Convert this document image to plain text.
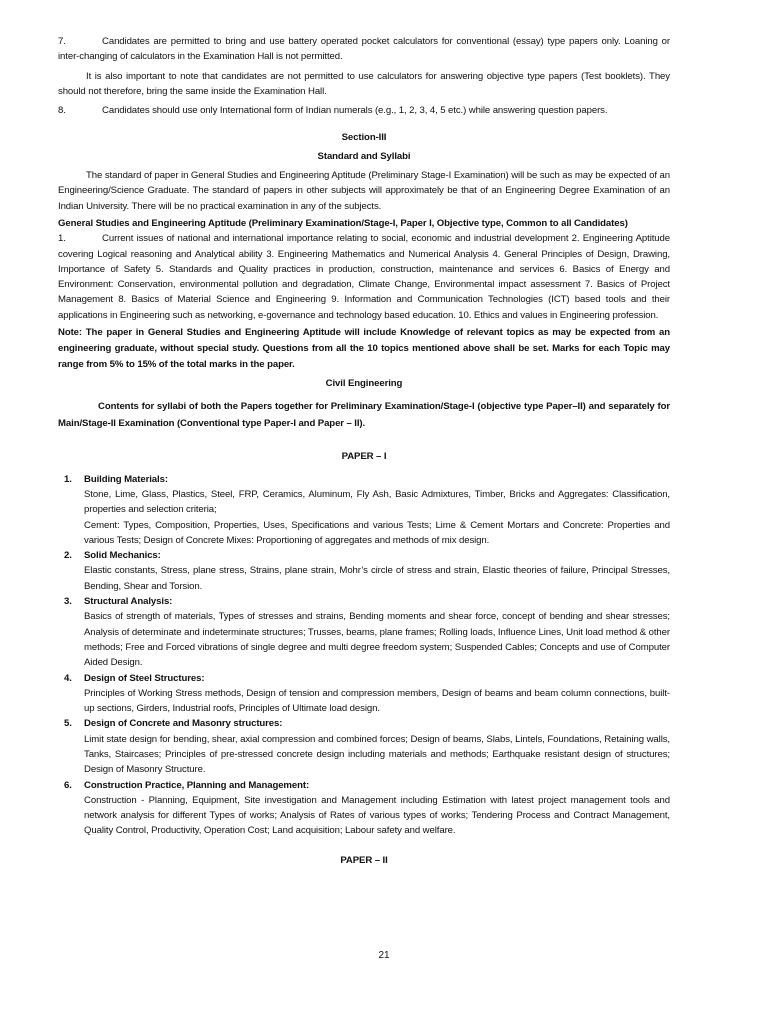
7.	Candidates are permitted to bring and use battery operated pocket calculators for conventional (essay) type papers only. Loaning or inter-changing of calculators in the Examination Hall is not permitted.

It is also important to note that candidates are not permitted to use calculators for answering objective type papers (Test booklets). They should not therefore, bring the same inside the Examination Hall.

8.	Candidates should use only International form of Indian numerals (e.g., 1, 2, 3, 4, 5 etc.) while answering question papers.

Section-III

Standard and Syllabi

The standard of paper in General Studies and Engineering Aptitude (Preliminary Stage-I Examination) will be such as may be expected of an Engineering/Science Graduate. The standard of papers in other subjects will approximately be that of an Engineering Degree Examination of an Indian University. There will be no practical examination in any of the subjects.

General Studies and Engineering Aptitude (Preliminary Examination/Stage-I, Paper I, Objective type, Common to all Candidates)

1.	Current issues of national and international importance relating to social, economic and industrial development 2. Engineering Aptitude covering Logical reasoning and Analytical ability 3. Engineering Mathematics and Numerical Analysis 4. General Principles of Design, Drawing, Importance of Safety 5. Standards and Quality practices in production, construction, maintenance and services 6. Basics of Energy and Environment: Conservation, environmental pollution and degradation, Climate Change, Environmental impact assessment 7. Basics of Project Management 8. Basics of Material Science and Engineering 9. Information and Communication Technologies (ICT) based tools and their applications in Engineering such as networking, e-governance and technology based education. 10. Ethics and values in Engineering profession.

Note: The paper in General Studies and Engineering Aptitude will include Knowledge of relevant topics as may be expected from an engineering graduate, without special study. Questions from all the 10 topics mentioned above shall be set. Marks for each Topic may range from 5% to 15% of the total marks in the paper.

Civil Engineering

Contents for syllabi of both the Papers together for Preliminary Examination/Stage-I (objective type Paper–II) and separately for Main/Stage-II Examination (Conventional type Paper-I and Paper – II).

PAPER – I

1. Building Materials:
Stone, Lime, Glass, Plastics, Steel, FRP, Ceramics, Aluminum, Fly Ash, Basic Admixtures, Timber, Bricks and Aggregates: Classification, properties and selection criteria;
Cement: Types, Composition, Properties, Uses, Specifications and various Tests; Lime & Cement Mortars and Concrete: Properties and various Tests; Design of Concrete Mixes: Proportioning of aggregates and methods of mix design.
2. Solid Mechanics:
Elastic constants, Stress, plane stress, Strains, plane strain, Mohr’s circle of stress and strain, Elastic theories of failure, Principal Stresses, Bending, Shear and Torsion.
3. Structural Analysis:
Basics of strength of materials, Types of stresses and strains, Bending moments and shear force, concept of bending and shear stresses; Analysis of determinate and indeterminate structures; Trusses, beams, plane frames; Rolling loads, Influence Lines, Unit load method & other methods; Free and Forced vibrations of single degree and multi degree freedom system; Suspended Cables; Concepts and use of Computer Aided Design.
4. Design of Steel Structures:
Principles of Working Stress methods, Design of tension and compression members, Design of beams and beam column connections, built-up sections, Girders, Industrial roofs, Principles of Ultimate load design.
5. Design of Concrete and Masonry structures:
Limit state design for bending, shear, axial compression and combined forces; Design of beams, Slabs, Lintels, Foundations, Retaining walls, Tanks, Staircases; Principles of pre-stressed concrete design including materials and methods; Earthquake resistant design of structures; Design of Masonry Structure.
6. Construction Practice, Planning and Management:
Construction - Planning, Equipment, Site investigation and Management including Estimation with latest project management tools and network analysis for different Types of works; Analysis of Rates of various types of works; Tendering Process and Contract Management, Quality Control, Productivity, Operation Cost; Land acquisition; Labour safety and welfare.

PAPER – II

21
